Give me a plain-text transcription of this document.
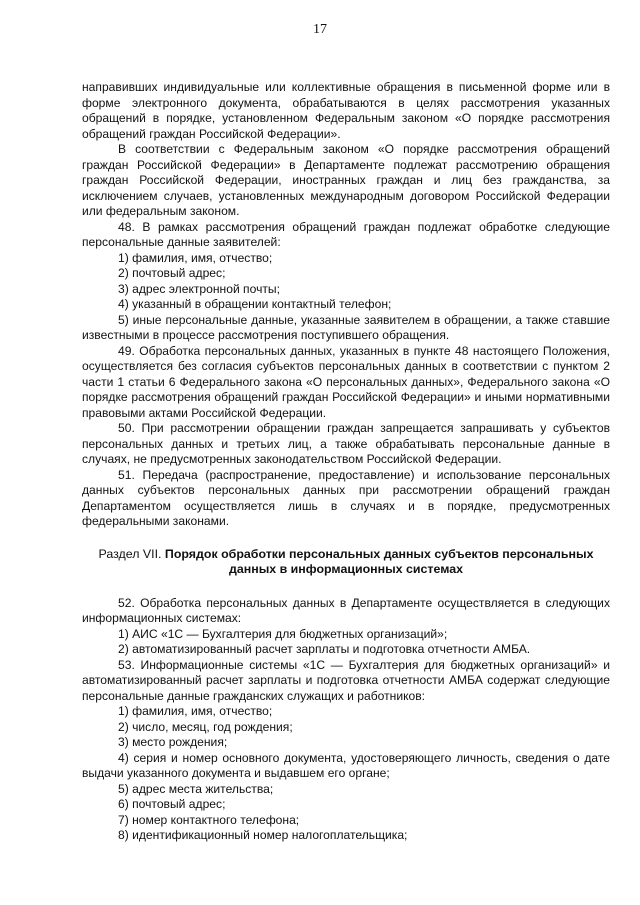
17

направивших индивидуальные или коллективные обращения в письменной форме или в форме электронного документа, обрабатываются в целях рассмотрения указанных обращений в порядке, установленном Федеральным законом «О порядке рассмотрения обращений граждан Российской Федерации».

В соответствии с Федеральным законом «О порядке рассмотрения обращений граждан Российской Федерации» в Департаменте подлежат рассмотрению обращения граждан Российской Федерации, иностранных граждан и лиц без гражданства, за исключением случаев, установленных международным договором Российской Федерации или федеральным законом.

48. В рамках рассмотрения обращений граждан подлежат обработке следующие персональные данные заявителей:

1) фамилия, имя, отчество;

2) почтовый адрес;

3) адрес электронной почты;

4) указанный в обращении контактный телефон;

5) иные персональные данные, указанные заявителем в обращении, а также ставшие известными в процессе рассмотрения поступившего обращения.

49. Обработка персональных данных, указанных в пункте 48 настоящего Положения, осуществляется без согласия субъектов персональных данных в соответствии с пунктом 2 части 1 статьи 6 Федерального закона «О персональных данных», Федерального закона «О порядке рассмотрения обращений граждан Российской Федерации» и иными нормативными правовыми актами Российской Федерации.

50. При рассмотрении обращении граждан запрещается запрашивать у субъектов персональных данных и третьих лиц, а также обрабатывать персональные данные в случаях, не предусмотренных законодательством Российской Федерации.

51. Передача (распространение, предоставление) и использование персональных данных субъектов персональных данных при рассмотрении обращений граждан Департаментом осуществляется лишь в случаях и в порядке, предусмотренных федеральными законами.

Раздел VII. Порядок обработки персональных данных субъектов персональных данных в информационных системах

52. Обработка персональных данных в Департаменте осуществляется в следующих информационных системах:

1) АИС «1С — Бухгалтерия для бюджетных организаций»;

2) автоматизированный расчет зарплаты и подготовка отчетности АМБА.

53. Информационные системы «1С — Бухгалтерия для бюджетных организаций» и автоматизированный расчет зарплаты и подготовка отчетности АМБА содержат следующие персональные данные гражданских служащих и работников:

1) фамилия, имя, отчество;

2) число, месяц, год рождения;

3) место рождения;

4) серия и номер основного документа, удостоверяющего личность, сведения о дате выдачи указанного документа и выдавшем его органе;

5) адрес места жительства;

6) почтовый адрес;

7) номер контактного телефона;

8) идентификационный номер налогоплательщика;
